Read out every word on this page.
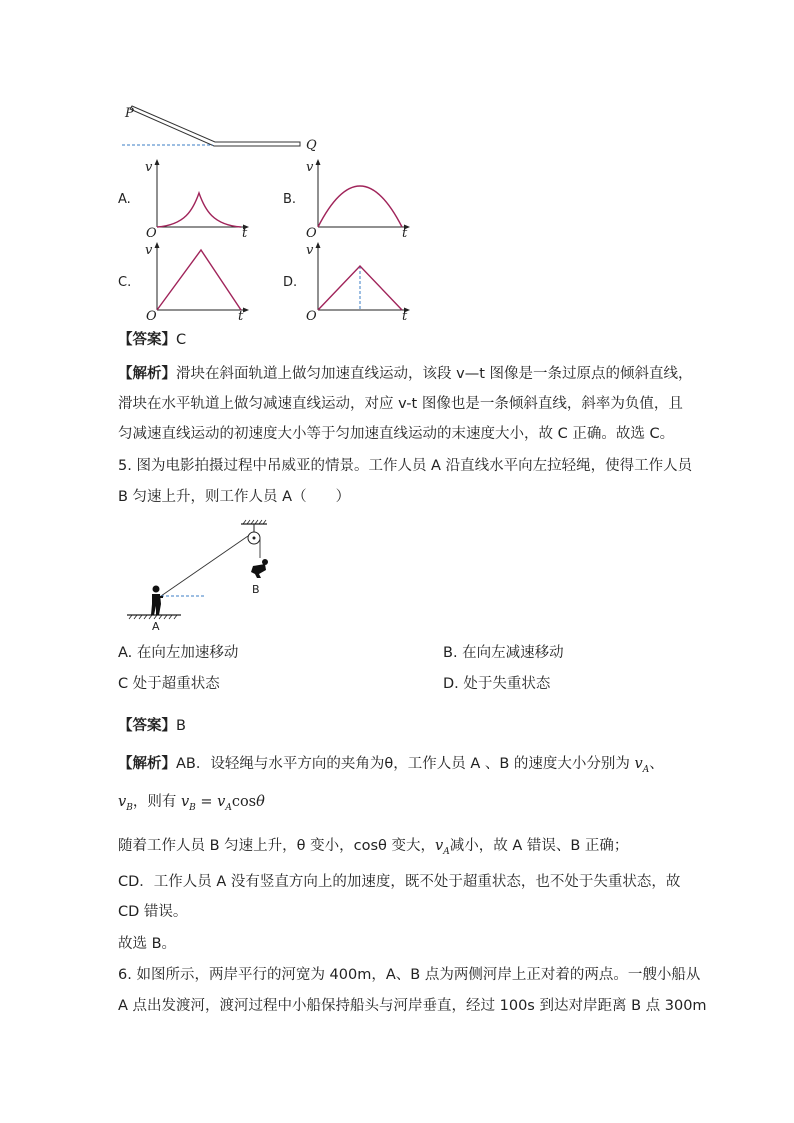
P
Q
A.
v
O	t
B.
v
O	t
C.
v
O	t
D.
v
O	t
【答案】C
【解析】滑块在斜面轨道上做匀加速直线运动，该段 v—t 图像是一条过原点的倾斜直线，
滑块在水平轨道上做匀减速直线运动，对应 v-t 图像也是一条倾斜直线，斜率为负值，且
匀减速直线运动的初速度大小等于匀加速直线运动的末速度大小，故 C 正确。故选 C。
5. 图为电影拍摄过程中吊威亚的情景。工作人员 A 沿直线水平向左拉轻绳，使得工作人员
B 匀速上升，则工作人员 A（　　）
A
B
A. 在向左加速移动	B. 在向左减速移动
C 处于超重状态	D. 处于失重状态
【答案】B
【解析】AB．设轻绳与水平方向的夹角为θ，工作人员 A 、B 的速度大小分别为 $v_A$、
$v_B$，则有 $v_B = v_A\cos\theta$
随着工作人员 B 匀速上升，θ 变小，cosθ 变大，$v_A$减小，故 A 错误、B 正确；
CD．工作人员 A 没有竖直方向上的加速度，既不处于超重状态，也不处于失重状态，故
CD 错误。
故选 B。
6. 如图所示，两岸平行的河宽为 400m，A、B 点为两侧河岸上正对着的两点。一艘小船从
A 点出发渡河，渡河过程中小船保持船头与河岸垂直，经过 100s 到达对岸距离 B 点 300m
